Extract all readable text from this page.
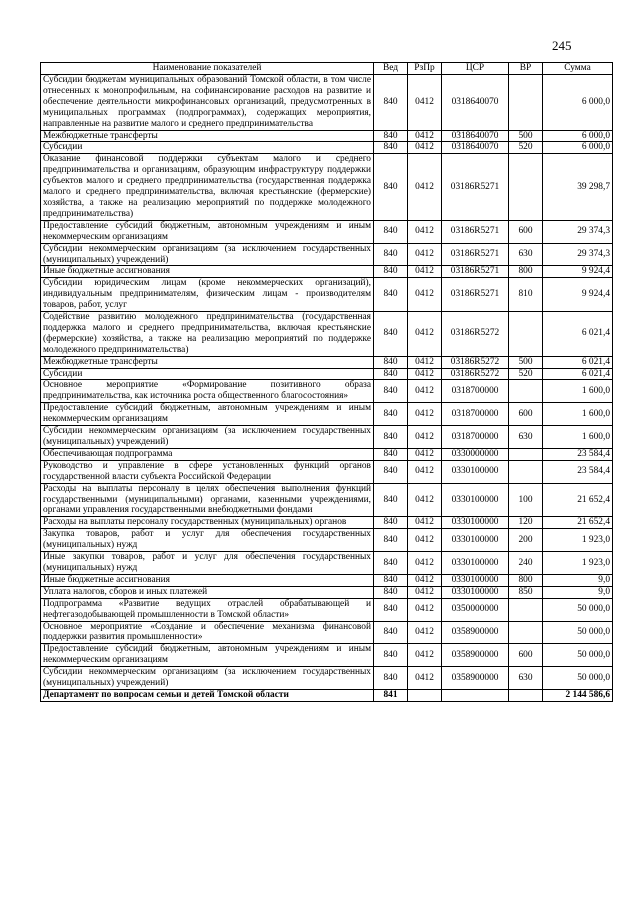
245
Наименование показателей	Вед	РзПр	ЦСР	ВР	Сумма
Субсидии бюджетам муниципальных образований Томской области, в том числе отнесенных к монопрофильным, на софинансирование расходов на развитие и обеспечение деятельности микрофинансовых организаций, предусмотренных в муниципальных программах (подпрограммах), содержащих мероприятия, направленные на развитие малого и среднего предпринимательства	840	0412	0318640070		6 000,0
Межбюджетные трансферты	840	0412	0318640070	500	6 000,0
Субсидии	840	0412	0318640070	520	6 000,0
Оказание финансовой поддержки субъектам малого и среднего предпринимательства и организациям, образующим инфраструктуру поддержки субъектов малого и среднего предпринимательства (государственная поддержка малого и среднего предпринимательства, включая крестьянские (фермерские) хозяйства, а также на реализацию мероприятий по поддержке молодежного предпринимательства)	840	0412	03186R5271		39 298,7
Предоставление субсидий бюджетным, автономным учреждениям и иным некоммерческим организациям	840	0412	03186R5271	600	29 374,3
Субсидии некоммерческим организациям (за исключением государственных (муниципальных) учреждений)	840	0412	03186R5271	630	29 374,3
Иные бюджетные ассигнования	840	0412	03186R5271	800	9 924,4
Субсидии юридическим лицам (кроме некоммерческих организаций), индивидуальным предпринимателям, физическим лицам - производителям товаров, работ, услуг	840	0412	03186R5271	810	9 924,4
Содействие развитию молодежного предпринимательства (государственная поддержка малого и среднего предпринимательства, включая крестьянские (фермерские) хозяйства, а также на реализацию мероприятий по поддержке молодежного предпринимательства)	840	0412	03186R5272		6 021,4
Межбюджетные трансферты	840	0412	03186R5272	500	6 021,4
Субсидии	840	0412	03186R5272	520	6 021,4
Основное мероприятие «Формирование позитивного образа предпринимательства, как источника роста общественного благосостояния»	840	0412	0318700000		1 600,0
Предоставление субсидий бюджетным, автономным учреждениям и иным некоммерческим организациям	840	0412	0318700000	600	1 600,0
Субсидии некоммерческим организациям (за исключением государственных (муниципальных) учреждений)	840	0412	0318700000	630	1 600,0
Обеспечивающая подпрограмма	840	0412	0330000000		23 584,4
Руководство и управление в сфере установленных функций органов государственной власти субъекта Российской Федерации	840	0412	0330100000		23 584,4
Расходы на выплаты персоналу в целях обеспечения выполнения функций государственными (муниципальными) органами, казенными учреждениями, органами управления государственными внебюджетными фондами	840	0412	0330100000	100	21 652,4
Расходы на выплаты персоналу государственных (муниципальных) органов	840	0412	0330100000	120	21 652,4
Закупка товаров, работ и услуг для обеспечения государственных (муниципальных) нужд	840	0412	0330100000	200	1 923,0
Иные закупки товаров, работ и услуг для обеспечения государственных (муниципальных) нужд	840	0412	0330100000	240	1 923,0
Иные бюджетные ассигнования	840	0412	0330100000	800	9,0
Уплата налогов, сборов и иных платежей	840	0412	0330100000	850	9,0
Подпрограмма «Развитие ведущих отраслей обрабатывающей и нефтегазодобывающей промышленности в Томской области»	840	0412	0350000000		50 000,0
Основное мероприятие «Создание и обеспечение механизма финансовой поддержки развития промышленности»	840	0412	0358900000		50 000,0
Предоставление субсидий бюджетным, автономным учреждениям и иным некоммерческим организациям	840	0412	0358900000	600	50 000,0
Субсидии некоммерческим организациям (за исключением государственных (муниципальных) учреждений)	840	0412	0358900000	630	50 000,0
Департамент по вопросам семьи и детей Томской области	841				2 144 586,6
